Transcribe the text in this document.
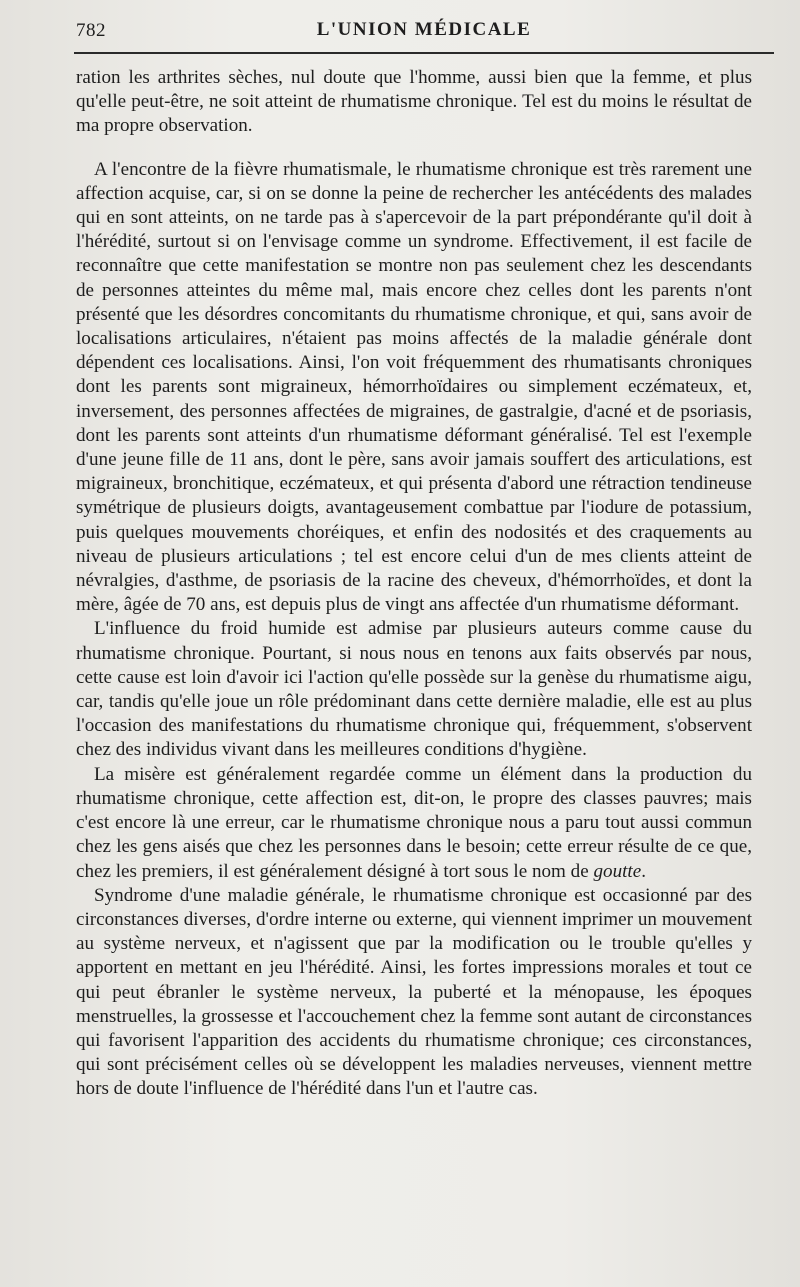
782	L'UNION MÉDICALE

ration les arthrites sèches, nul doute que l'homme, aussi bien que la femme, et plus qu'elle peut-être, ne soit atteint de rhumatisme chronique. Tel est du moins le résultat de ma propre observation.

A l'encontre de la fièvre rhumatismale, le rhumatisme chronique est très rarement une affection acquise, car, si on se donne la peine de rechercher les antécédents des malades qui en sont atteints, on ne tarde pas à s'apercevoir de la part prépondérante qu'il doit à l'hérédité, surtout si on l'envisage comme un syndrome. Effectivement, il est facile de reconnaître que cette manifestation se montre non pas seulement chez les descendants de personnes atteintes du même mal, mais encore chez celles dont les parents n'ont présenté que les désordres concomitants du rhumatisme chronique, et qui, sans avoir de localisations articulaires, n'étaient pas moins affectés de la maladie générale dont dépendent ces localisations. Ainsi, l'on voit fréquemment des rhumatisants chroniques dont les parents sont migraineux, hémorrhoïdaires ou simplement eczémateux, et, inversement, des personnes affectées de migraines, de gastralgie, d'acné et de psoriasis, dont les parents sont atteints d'un rhumatisme déformant généralisé. Tel est l'exemple d'une jeune fille de 11 ans, dont le père, sans avoir jamais souffert des articulations, est migraineux, bronchitique, eczémateux, et qui présenta d'abord une rétraction tendineuse symétrique de plusieurs doigts, avantageusement combattue par l'iodure de potassium, puis quelques mouvements choréiques, et enfin des nodosités et des craquements au niveau de plusieurs articulations ; tel est encore celui d'un de mes clients atteint de névralgies, d'asthme, de psoriasis de la racine des cheveux, d'hémorrhoïdes, et dont la mère, âgée de 70 ans, est depuis plus de vingt ans affectée d'un rhumatisme déformant.

L'influence du froid humide est admise par plusieurs auteurs comme cause du rhumatisme chronique. Pourtant, si nous nous en tenons aux faits observés par nous, cette cause est loin d'avoir ici l'action qu'elle possède sur la genèse du rhumatisme aigu, car, tandis qu'elle joue un rôle prédominant dans cette dernière maladie, elle est au plus l'occasion des manifestations du rhumatisme chronique qui, fréquemment, s'observent chez des individus vivant dans les meilleures conditions d'hygiène.

La misère est généralement regardée comme un élément dans la production du rhumatisme chronique, cette affection est, dit-on, le propre des classes pauvres; mais c'est encore là une erreur, car le rhumatisme chronique nous a paru tout aussi commun chez les gens aisés que chez les personnes dans le besoin; cette erreur résulte de ce que, chez les premiers, il est généralement désigné à tort sous le nom de goutte.

Syndrome d'une maladie générale, le rhumatisme chronique est occasionné par des circonstances diverses, d'ordre interne ou externe, qui viennent imprimer un mouvement au système nerveux, et n'agissent que par la modification ou le trouble qu'elles y apportent en mettant en jeu l'hérédité. Ainsi, les fortes impressions morales et tout ce qui peut ébranler le système nerveux, la puberté et la ménopause, les époques menstruelles, la grossesse et l'accouchement chez la femme sont autant de circonstances qui favorisent l'apparition des accidents du rhumatisme chronique; ces circonstances, qui sont précisément celles où se développent les maladies nerveuses, viennent mettre hors de doute l'influence de l'hérédité dans l'un et l'autre cas.
